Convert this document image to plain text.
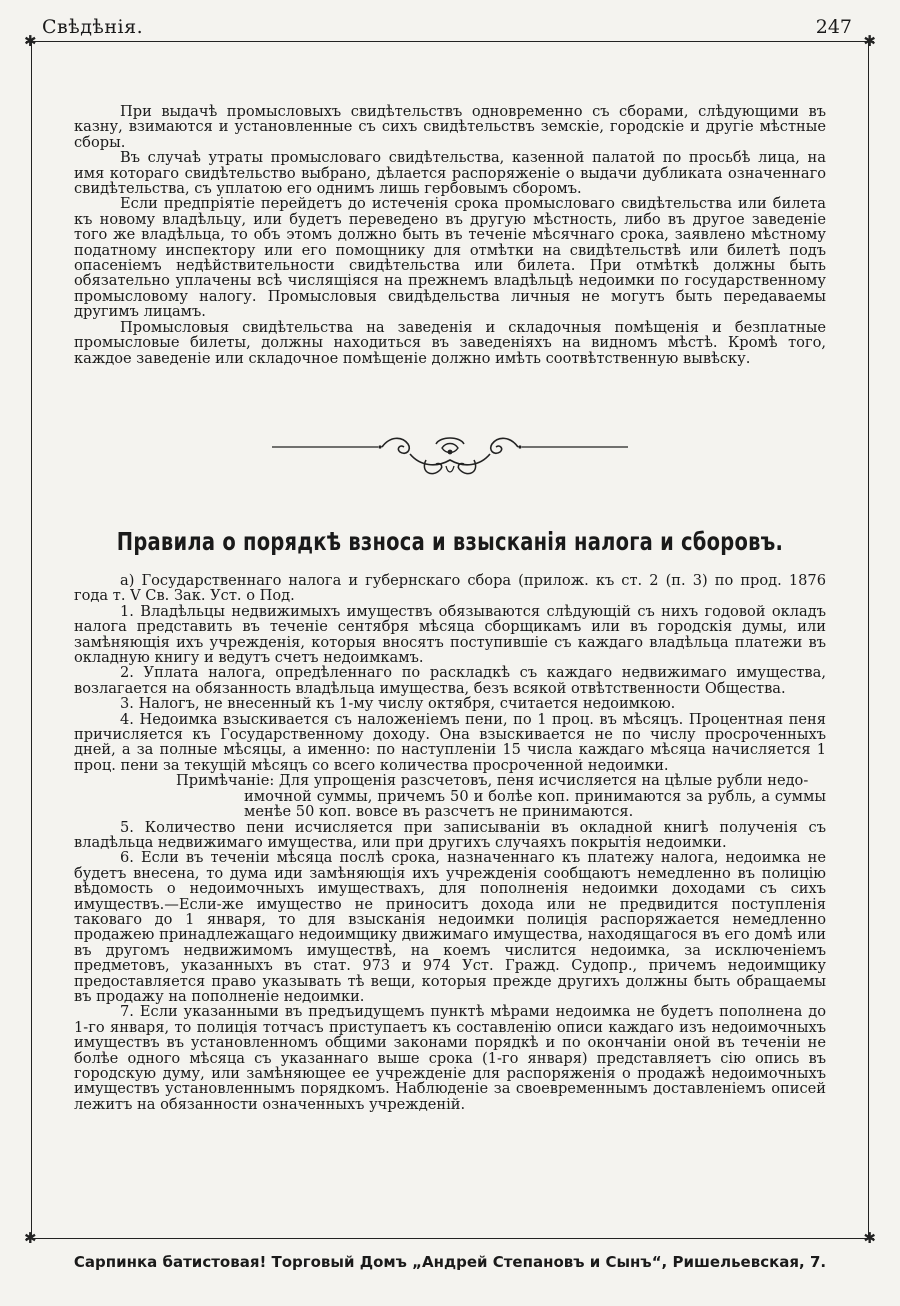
Свѣдѣнія.	247
✱	✱
✱	✱

При выдачѣ промысловыхъ свидѣтельствъ одновременно съ сборами, слѣдующими въ казну, взимаются и установленные съ сихъ свидѣтельствъ земскіе, городскіе и другіе мѣстные сборы.

Въ случаѣ утраты промысловаго свидѣтельства, казенной палатой по просьбѣ лица, на имя котораго свидѣтельство выбрано, дѣлается распоряженіе о выдачи дубликата означеннаго свидѣтельства, съ уплатою его однимъ лишь гербовымъ сборомъ.

Если предпріятіе перейдетъ до истеченія срока промысловаго свидѣтельства или билета къ новому владѣльцу, или будетъ переведено въ другую мѣстность, либо въ другое заведеніе того же владѣльца, то объ этомъ должно быть въ теченіе мѣсячнаго срока, заявлено мѣстному податному инспектору или его помощнику для отмѣтки на свидѣтельствѣ или билетѣ подъ опасеніемъ недѣйствительности свидѣтельства или билета. При отмѣткѣ должны быть обязательно уплачены всѣ числящіяся на прежнемъ владѣльцѣ недоимки по государственному промысловому налогу. Промысловыя свидѣдельства личныя не могутъ быть передаваемы другимъ лицамъ.

Промысловыя свидѣтельства на заведенія и складочныя помѣщенія и безплатные промысловые билеты, должны находиться въ заведеніяхъ на видномъ мѣстѣ. Кромѣ того, каждое заведеніе или складочное помѣщеніе должно имѣть соотвѣтственную вывѣску.

Правила о порядкѣ взноса и взысканія налога и сборовъ.

а) Государственнаго налога и губернскаго сбора (прилож. къ ст. 2 (п. 3) по прод. 1876 года т. V Св. Зак. Уст. о Под.

1. Владѣльцы недвижимыхъ имуществъ обязываются слѣдующій съ нихъ годовой окладъ налога представить въ теченіе сентября мѣсяца сборщикамъ или въ городскія думы, или замѣняющія ихъ учрежденія, которыя вносятъ поступившіе съ каждаго владѣльца платежи въ окладную книгу и ведутъ счетъ недоимкамъ.

2. Уплата налога, опредѣленнаго по раскладкѣ съ каждаго недвижимаго имущества, возлагается на обязанность владѣльца имущества, безъ всякой отвѣтственности Общества.

3. Налогъ, не внесенный къ 1-му числу октября, считается недоимкою.

4. Недоимка взыскивается съ наложеніемъ пени, по 1 проц. въ мѣсяцъ. Процентная пеня причисляется къ Государственному доходу. Она взыскивается не по числу просроченныхъ дней, а за полные мѣсяцы, а именно: по наступленіи 15 числа каждаго мѣсяца начисляется 1 проц. пени за текущій мѣсяцъ со всего количества просроченной недоимки.

Примѣчаніе: Для упрощенія разсчетовъ, пеня исчисляется на цѣлые рубли недо-

имочной суммы, причемъ 50 и болѣе коп. принимаются за рубль, а суммы менѣе 50 коп. вовсе въ разсчетъ не принимаются.

5. Количество пени исчисляется при записываніи въ окладной книгѣ полученія съ владѣльца недвижимаго имущества, или при другихъ случаяхъ покрытія недоимки.

6. Если въ теченіи мѣсяца послѣ срока, назначеннаго къ платежу налога, недоимка не будетъ внесена, то дума иди замѣняющія ихъ учрежденія сообщаютъ немедленно въ полицію вѣдомость о недоимочныхъ имуществахъ, для пополненія недоимки доходами съ сихъ имуществъ.—Если-же имущество не приноситъ дохода или не предвидится поступленія таковаго до 1 января, то для взысканія недоимки полиція распоряжается немедленно продажею принадлежащаго недоимщику движимаго имущества, находящагося въ его домѣ или въ другомъ недвижимомъ имуществѣ, на коемъ числится недоимка, за исключеніемъ предметовъ, указанныхъ въ стат. 973 и 974 Уст. Гражд. Судопр., причемъ недоимщику предоставляется право указывать тѣ вещи, которыя прежде другихъ должны быть обращаемы въ продажу на пополненіе недоимки.

7. Если указанными въ предъидущемъ пунктѣ мѣрами недоимка не будетъ пополнена до 1-го января, то полиція тотчасъ приступаетъ къ составленію описи каждаго изъ недоимочныхъ имуществъ въ установленномъ общими законами порядкѣ и по окончаніи оной въ теченіи не болѣе одного мѣсяца съ указаннаго выше срока (1-го января) представляетъ сію опись въ городскую думу, или замѣняющее ее учрежденіе для распоряженія о продажѣ недоимочныхъ имуществъ установленнымъ порядкомъ. Наблюденіе за своевременнымъ доставленіемъ описей лежитъ на обязанности означенныхъ учрежденій.

Сарпинка батистовая! Торговый Домъ „Андрей Степановъ и Сынъ“, Ришельевская, 7.
